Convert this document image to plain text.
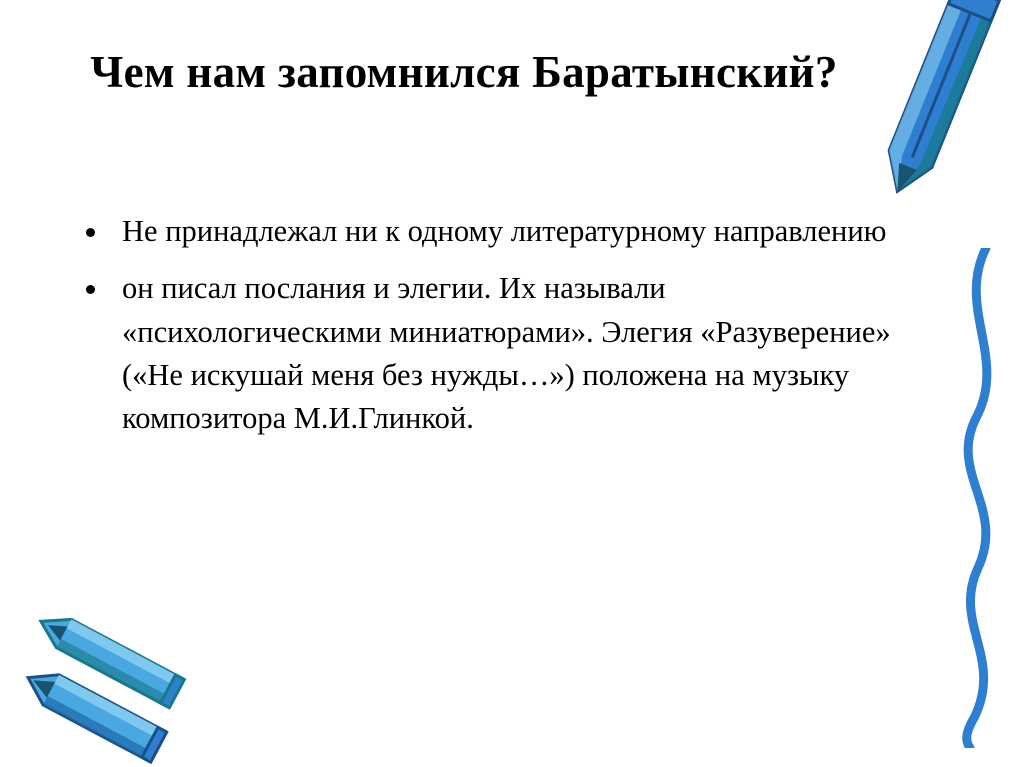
Чем нам запомнился Баратынский?
Не принадлежал ни к одному литературному направлению
он писал послания и элегии. Их называли «психологическими миниатюрами». Элегия «Разуверение» («Не искушай меня без нужды…») положена на музыку композитора М.И.Глинкой.
